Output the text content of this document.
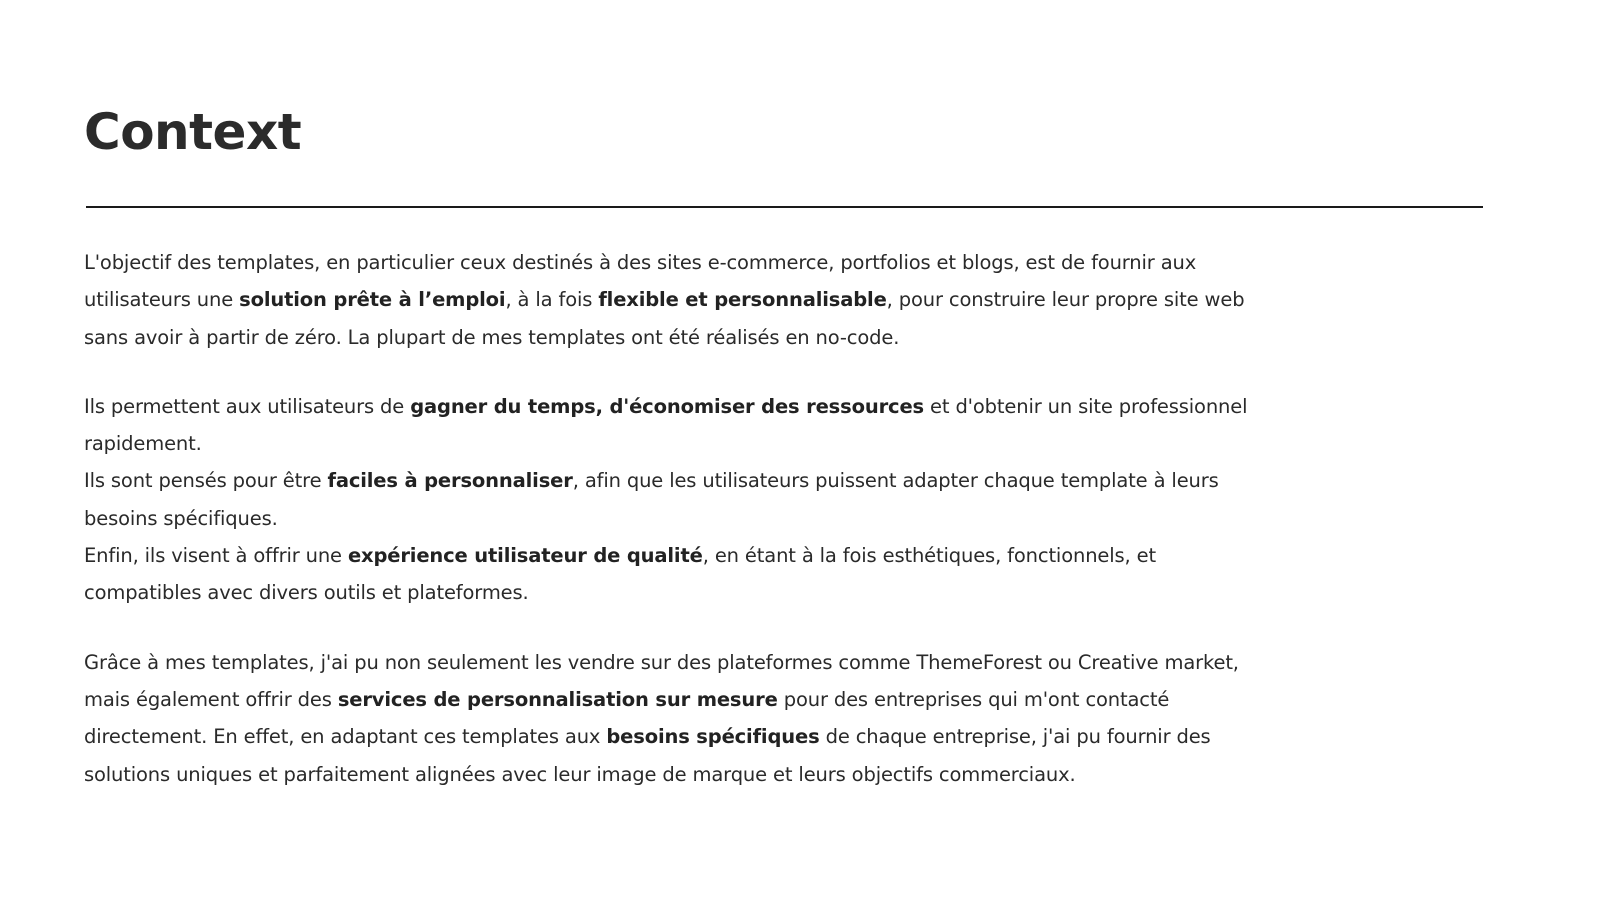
Context

L'objectif des templates, en particulier ceux destinés à des sites e-commerce, portfolios et blogs, est de fournir aux utilisateurs une solution prête à l’emploi, à la fois flexible et personnalisable, pour construire leur propre site web sans avoir à partir de zéro. La plupart de mes templates ont été réalisés en no-code.

Ils permettent aux utilisateurs de gagner du temps, d'économiser des ressources et d'obtenir un site professionnel rapidement.

Ils sont pensés pour être faciles à personnaliser, afin que les utilisateurs puissent adapter chaque template à leurs besoins spécifiques.

Enfin, ils visent à offrir une expérience utilisateur de qualité, en étant à la fois esthétiques, fonctionnels, et compatibles avec divers outils et plateformes.

Grâce à mes templates, j'ai pu non seulement les vendre sur des plateformes comme ThemeForest ou Creative market, mais également offrir des services de personnalisation sur mesure pour des entreprises qui m'ont contacté directement. En effet, en adaptant ces templates aux besoins spécifiques de chaque entreprise, j'ai pu fournir des solutions uniques et parfaitement alignées avec leur image de marque et leurs objectifs commerciaux.
